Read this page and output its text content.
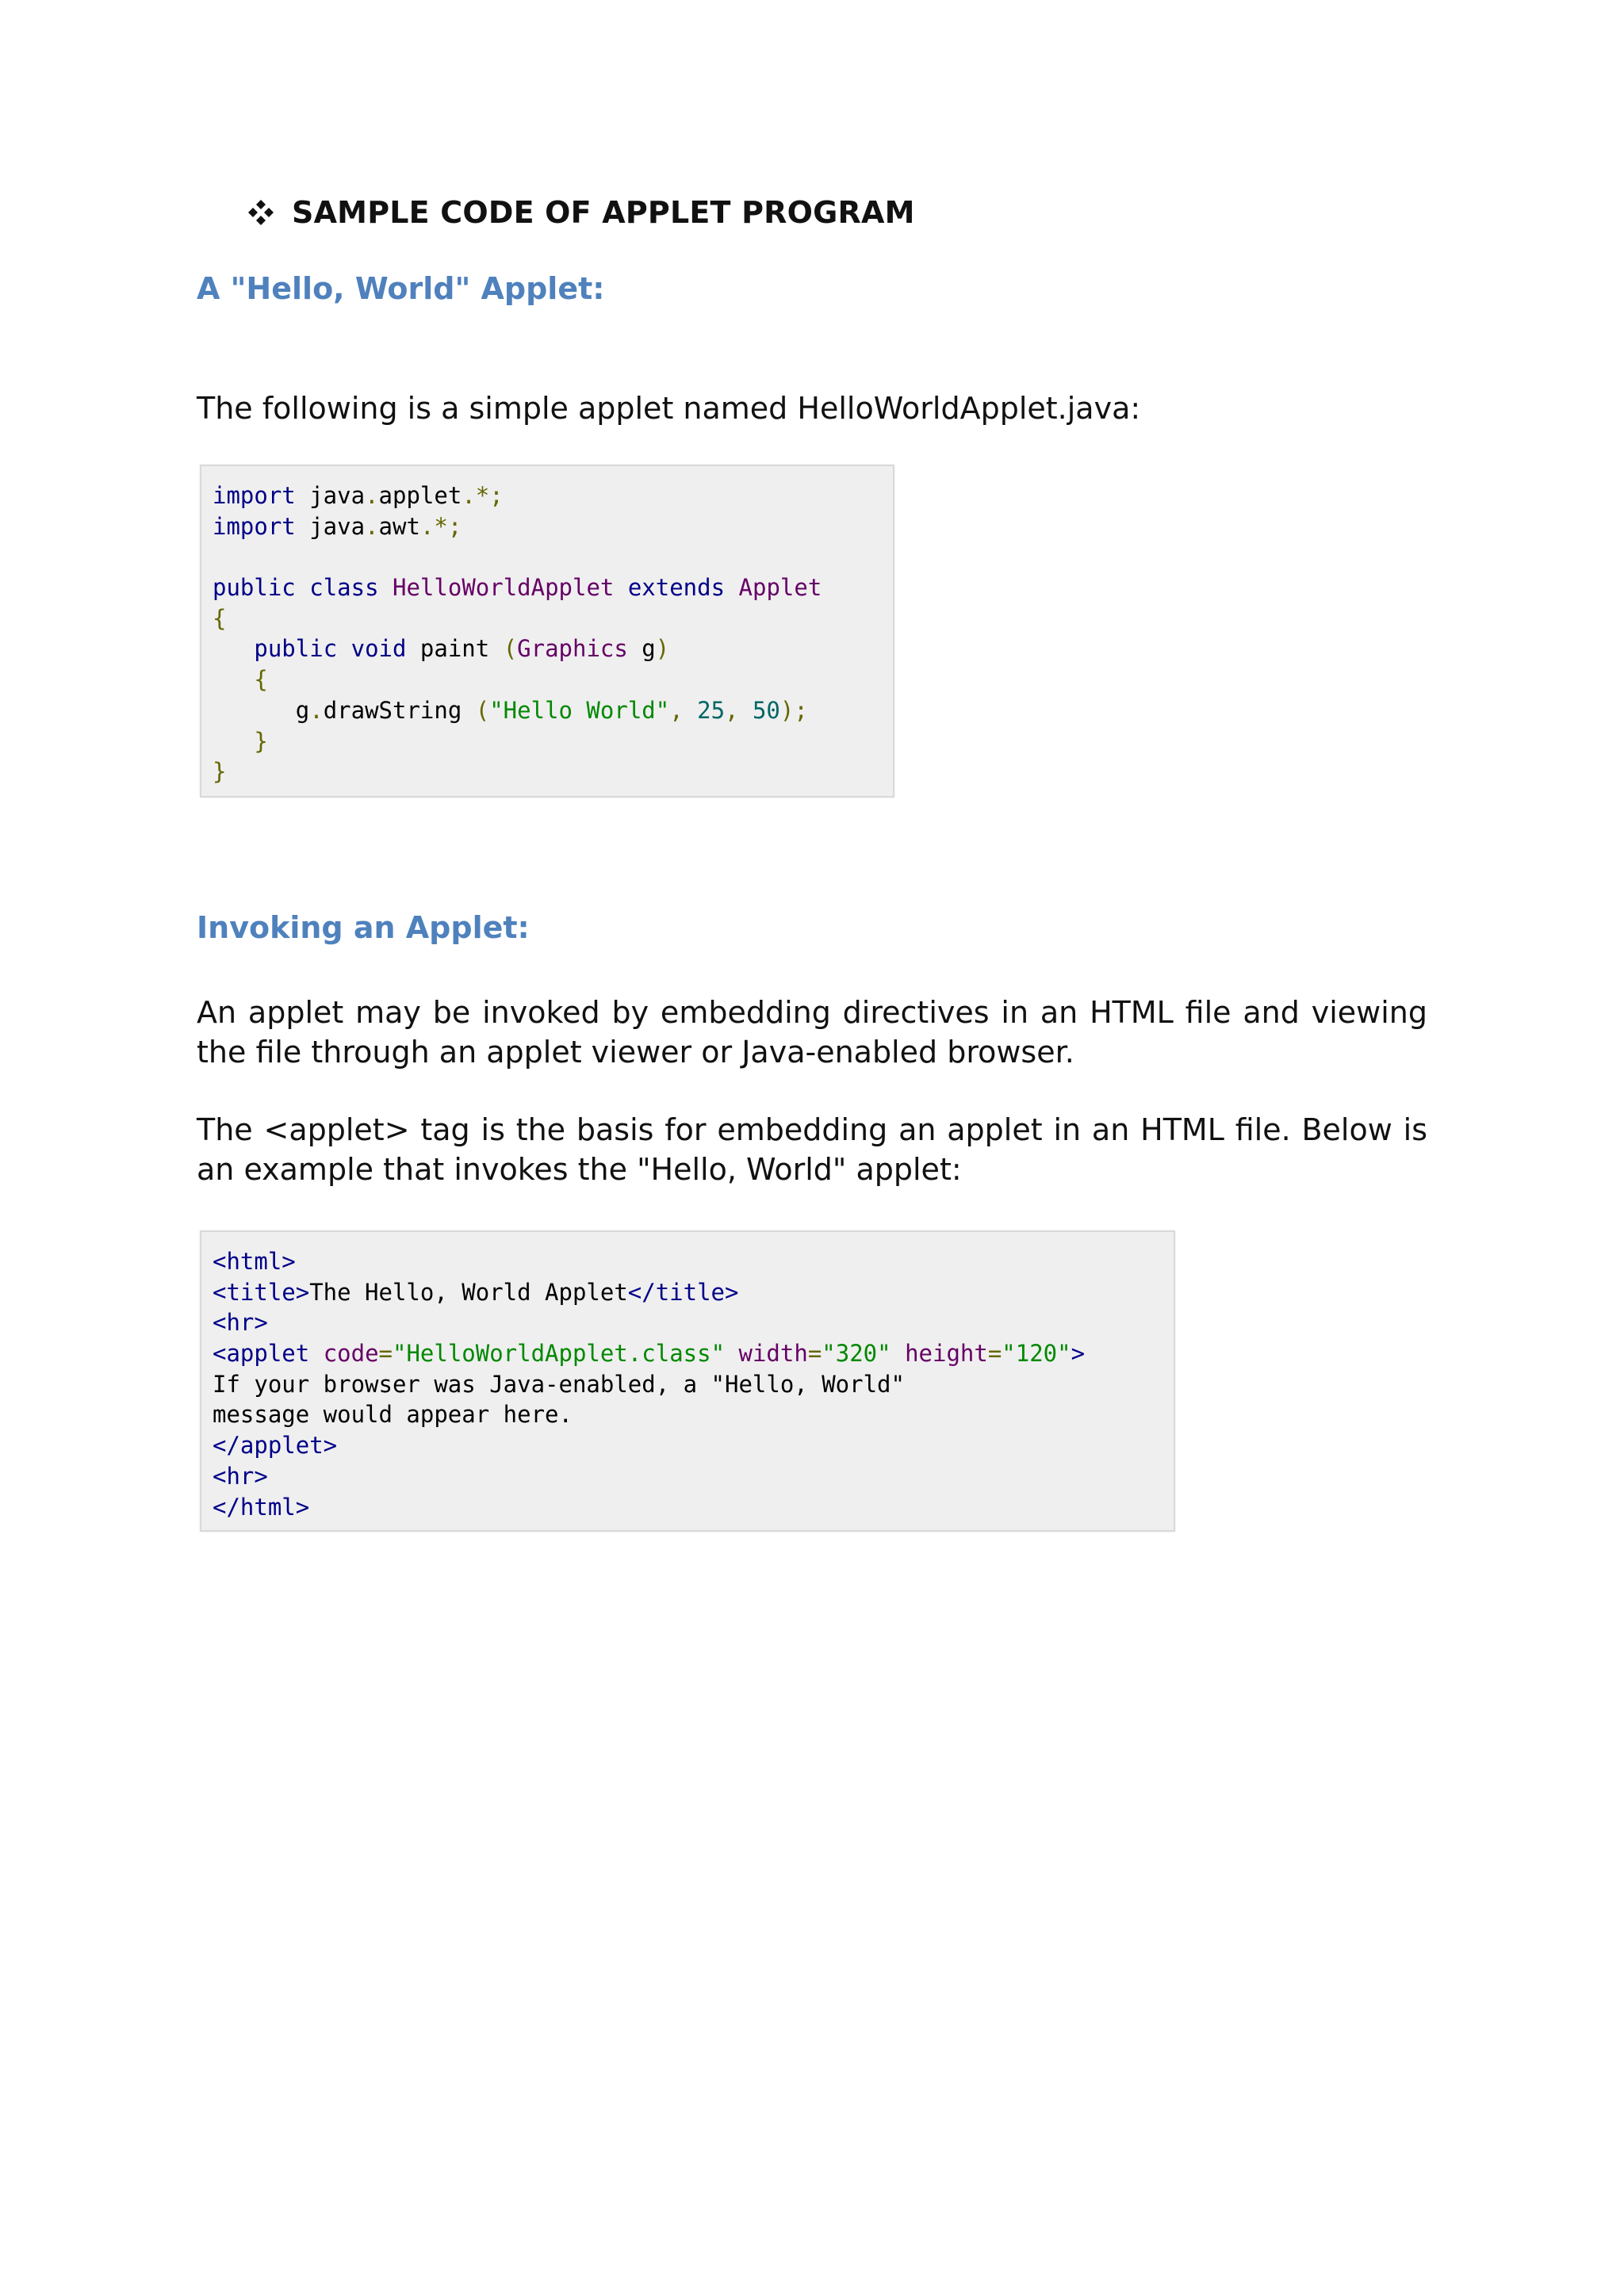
SAMPLE CODE OF APPLET PROGRAM
A "Hello, World" Applet:
The following is a simple applet named HelloWorldApplet.java:
import java.applet.*;
import java.awt.*;

public class HelloWorldApplet extends Applet
{
public void paint (Graphics g)
{
g.drawString ("Hello World", 25, 50);
}
}
Invoking an Applet:
An applet may be invoked by embedding directives in an HTML file and viewing the file through an applet viewer or Java-enabled browser.
The <applet> tag is the basis for embedding an applet in an HTML file. Below is an example that invokes the "Hello, World" applet:
<html>
<title>The Hello, World Applet</title>
<hr>
<applet code="HelloWorldApplet.class" width="320" height="120">
If your browser was Java-enabled, a "Hello, World"
message would appear here.
</applet>
<hr>
</html>
